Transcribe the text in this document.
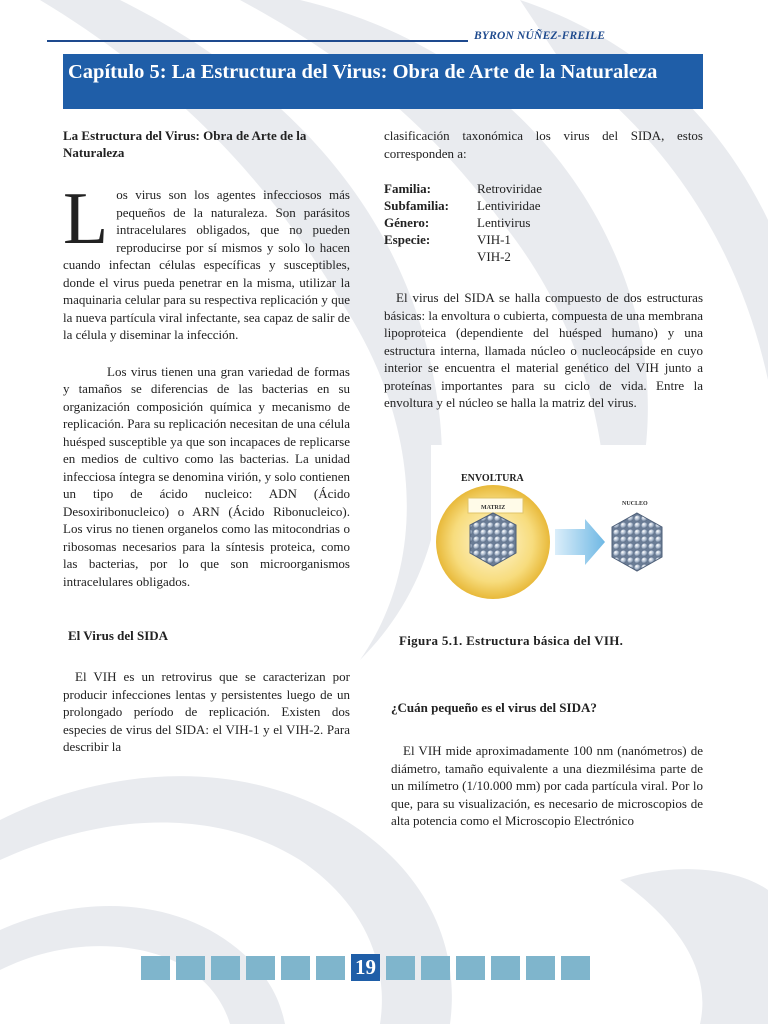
BYRON NÚÑEZ-FREILE
Capítulo 5: La Estructura del Virus: Obra de Arte de la Naturaleza

La Estructura del Virus: Obra de Arte de la Naturaleza

Los virus son los agentes infecciosos más pequeños de la naturaleza. Son parásitos intracelulares obligados, que no pueden reproducirse por sí mismos y solo lo hacen cuando infectan células específicas y susceptibles, donde el virus pueda penetrar en la misma, utilizar la maquinaria celular para su respectiva replicación y que la nueva partícula viral infectante, sea capaz de salir de la célula y diseminar la infección.

Los virus tienen una gran variedad de formas y tamaños se diferencias de las bacterias en su organización composición química y mecanismo de replicación. Para su replicación necesitan de una célula huésped susceptible ya que son incapaces de replicarse en medios de cultivo como las bacterias. La unidad infecciosa íntegra se denomina virión, y solo contienen un tipo de ácido nucleico: ADN (Ácido Desoxiribonucleico) o ARN (Ácido Ribonucleico). Los virus no tienen organelos como las mitocondrias o ribosomas necesarios para la síntesis proteica, como las bacterias, por lo que son microorganismos intracelulares obligados.

El Virus del SIDA

El VIH es un retrovirus que se caracterizan por producir infecciones lentas y persistentes luego de un prolongado período de replicación. Existen dos especies de virus del SIDA: el VIH-1 y el VIH-2. Para describir la

clasificación taxonómica los virus del SIDA, estos corresponden a:

Familia:	Retroviridae
Subfamilia:	Lentiviridae
Género:	Lentivirus
Especie:	VIH-1
VIH-2

El virus del SIDA se halla compuesto de dos estructuras básicas: la envoltura o cubierta, compuesta de una membrana lipoproteica (dependiente del huésped humano) y una estructura interna, llamada núcleo o nucleocápside en cuyo interior se encuentra el material genético del VIH junto a proteínas importantes para su ciclo de vida. Entre la envoltura y el núcleo se halla la matriz del virus.

ENVOLTURA
MATRIZ
NUCLEO
Figura 5.1. Estructura básica del VIH.

¿Cuán pequeño es el virus del SIDA?

El VIH mide aproximadamente 100 nm (nanómetros) de diámetro, tamaño equivalente a una diezmilésima parte de un milímetro (1/10.000 mm) por cada partícula viral. Por lo que, para su visualización, es necesario de microscopios de alta potencia como el Microscopio Electrónico

19
